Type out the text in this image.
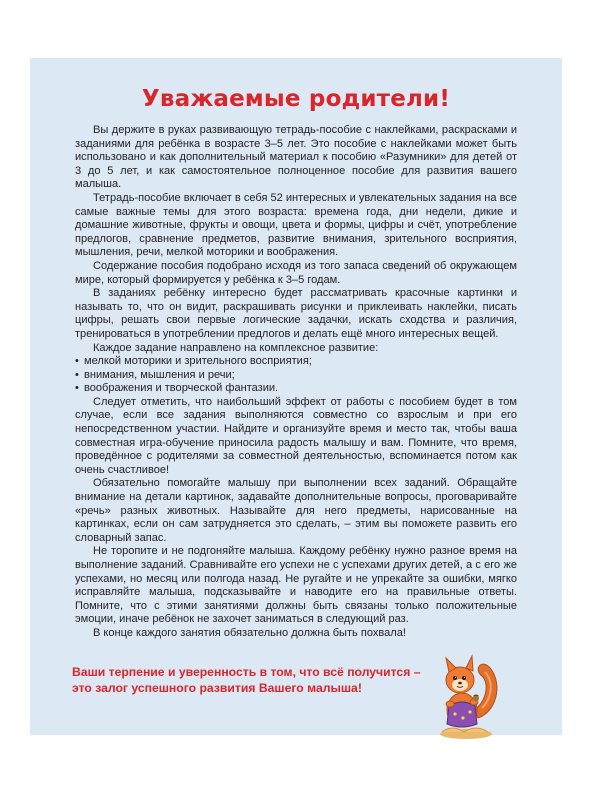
Уважаемые родители!

Вы держите в руках развивающую тетрадь-пособие с наклейками, раскрасками и заданиями для ребёнка в возрасте 3–5 лет. Это пособие с наклейками может быть использовано и как дополнительный материал к пособию «Разумники» для детей от 3 до 5 лет, и как самостоятельное полноценное пособие для развития вашего малыша.

Тетрадь-пособие включает в себя 52 интересных и увлекательных задания на все самые важные темы для этого возраста: времена года, дни недели, дикие и домашние животные, фрукты и овощи, цвета и формы, цифры и счёт, употребление предлогов, сравнение предметов, развитие внимания, зрительного восприятия, мышления, речи, мелкой моторики и воображения.

Содержание пособия подобрано исходя из того запаса сведений об окружающем мире, который формируется у ребёнка к 3–5 годам.

В заданиях ребёнку интересно будет рассматривать красочные картинки и называть то, что он видит, раскрашивать рисунки и приклеивать наклейки, писать цифры, решать свои первые логические задачки, искать сходства и различия, тренироваться в употреблении предлогов и делать ещё много интересных вещей.

Каждое задание направлено на комплексное развитие:

• мелкой моторики и зрительного восприятия;
• внимания, мышления и речи;
• воображения и творческой фантазии.

Следует отметить, что наибольший эффект от работы с пособием будет в том случае, если все задания выполняются совместно со взрослым и при его непосредственном участии. Найдите и организуйте время и место так, чтобы ваша совместная игра-обучение приносила радость малышу и вам. Помните, что время, проведённое с родителями за совместной деятельностью, вспоминается потом как очень счастливое!

Обязательно помогайте малышу при выполнении всех заданий. Обращайте внимание на детали картинок, задавайте дополнительные вопросы, проговаривайте «речь» разных животных. Называйте для него предметы, нарисованные на картинках, если он сам затрудняется это сделать, – этим вы поможете развить его словарный запас.

Не торопите и не подгоняйте малыша. Каждому ребёнку нужно разное время на выполнение заданий. Сравнивайте его успехи не с успехами других детей, а с его же успехами, но месяц или полгода назад. Не ругайте и не упрекайте за ошибки, мягко исправляйте малыша, подсказывайте и наводите его на правильные ответы. Помните, что с этими занятиями должны быть связаны только положительные эмоции, иначе ребёнок не захочет заниматься в следующий раз.

В конце каждого занятия обязательно должна быть похвала!

Ваши терпение и уверенность в том, что всё получится –
это залог успешного развития Вашего малыша!
